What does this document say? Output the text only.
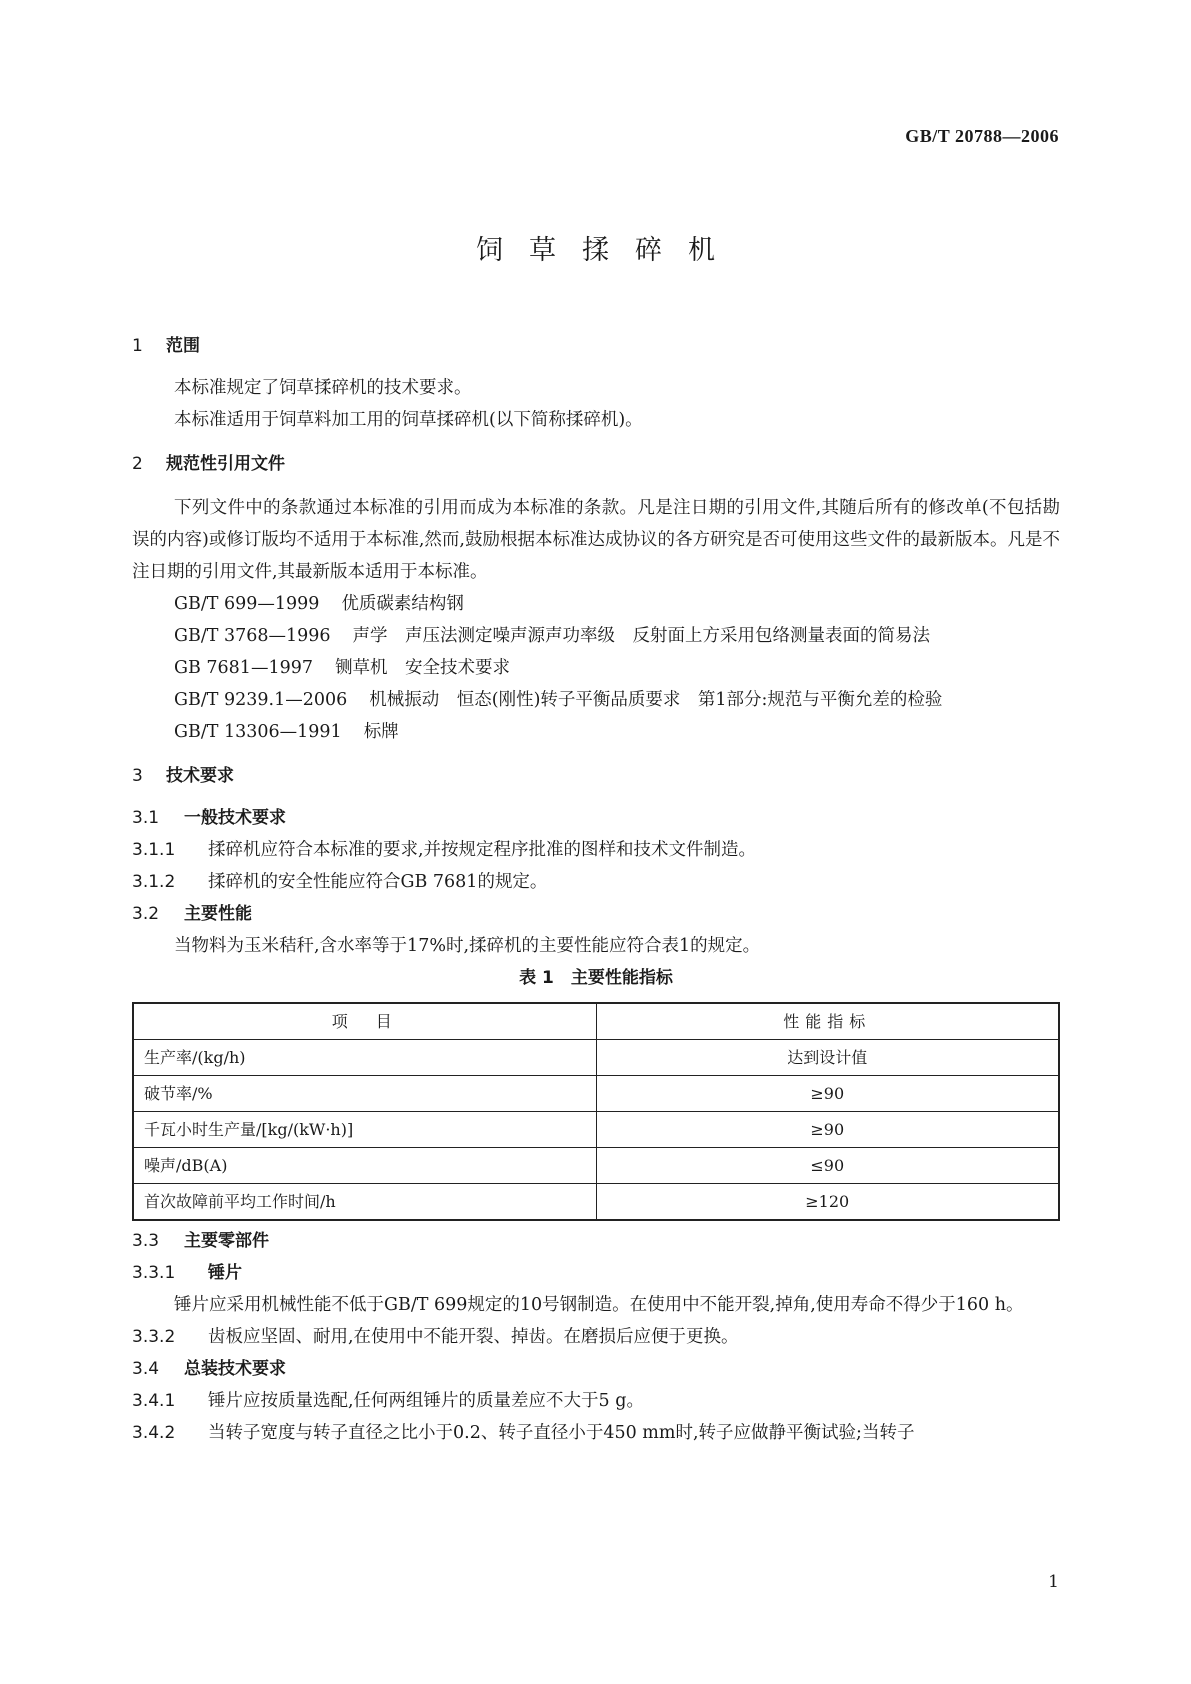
GB/T 20788—2006
饲草揉碎机

1 范围

本标准规定了饲草揉碎机的技术要求。

本标准适用于饲草料加工用的饲草揉碎机(以下简称揉碎机)。

2 规范性引用文件

下列文件中的条款通过本标准的引用而成为本标准的条款。凡是注日期的引用文件,其随后所有的修改单(不包括勘误的内容)或修订版均不适用于本标准,然而,鼓励根据本标准达成协议的各方研究是否可使用这些文件的最新版本。凡是不注日期的引用文件,其最新版本适用于本标准。

GB/T 699—1999 优质碳素结构钢

GB/T 3768—1996 声学　声压法测定噪声源声功率级　反射面上方采用包络测量表面的简易法

GB 7681—1997 铡草机　安全技术要求

GB/T 9239.1—2006 机械振动　恒态(刚性)转子平衡品质要求　第1部分:规范与平衡允差的检验

GB/T 13306—1991 标牌

3 技术要求

3.1 一般技术要求

3.1.1 揉碎机应符合本标准的要求,并按规定程序批准的图样和技术文件制造。

3.1.2 揉碎机的安全性能应符合GB 7681的规定。

3.2 主要性能

当物料为玉米秸秆,含水率等于17%时,揉碎机的主要性能应符合表1的规定。

表 1　主要性能指标

项　目	性能指标
生产率/(kg/h)	达到设计值
破节率/%	≥90
千瓦小时生产量/[kg/(kW·h)]	≥90
噪声/dB(A)	≤90
首次故障前平均工作时间/h	≥120

3.3 主要零部件

3.3.1 锤片

锤片应采用机械性能不低于GB/T 699规定的10号钢制造。在使用中不能开裂,掉角,使用寿命不得少于160 h。

3.3.2 齿板应坚固、耐用,在使用中不能开裂、掉齿。在磨损后应便于更换。

3.4 总装技术要求

3.4.1 锤片应按质量选配,任何两组锤片的质量差应不大于5 g。

3.4.2 当转子宽度与转子直径之比小于0.2、转子直径小于450 mm时,转子应做静平衡试验;当转子

1
